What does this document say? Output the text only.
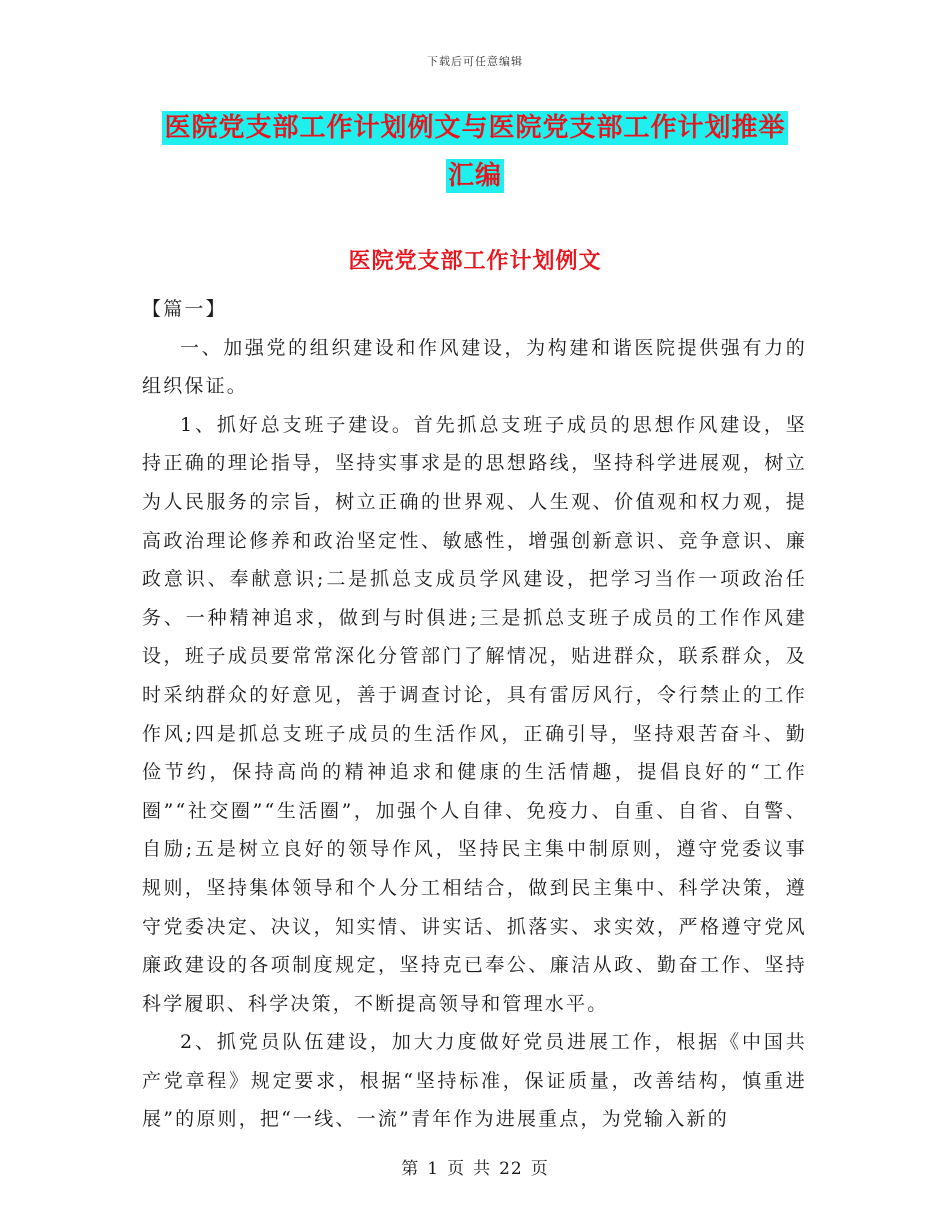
下载后可任意编辑
医院党支部工作计划例文与医院党支部工作计划推举
汇编
医院党支部工作计划例文

【篇一】

一、加强党的组织建设和作风建设，为构建和谐医院提供强有力的组织保证。

1、抓好总支班子建设。首先抓总支班子成员的思想作风建设，坚持正确的理论指导，坚持实事求是的思想路线，坚持科学进展观，树立为人民服务的宗旨，树立正确的世界观、人生观、价值观和权力观，提高政治理论修养和政治坚定性、敏感性，增强创新意识、竞争意识、廉政意识、奉献意识;二是抓总支成员学风建设，把学习当作一项政治任务、一种精神追求，做到与时俱进;三是抓总支班子成员的工作作风建设，班子成员要常常深化分管部门了解情况，贴进群众，联系群众，及时采纳群众的好意见，善于调查讨论，具有雷厉风行，令行禁止的工作作风;四是抓总支班子成员的生活作风，正确引导，坚持艰苦奋斗、勤俭节约，保持高尚的精神追求和健康的生活情趣，提倡良好的“工作圈”“社交圈”“生活圈”，加强个人自律、免疫力、自重、自省、自警、自励;五是树立良好的领导作风，坚持民主集中制原则，遵守党委议事规则，坚持集体领导和个人分工相结合，做到民主集中、科学决策，遵守党委决定、决议，知实情、讲实话、抓落实、求实效，严格遵守党风廉政建设的各项制度规定，坚持克已奉公、廉洁从政、勤奋工作、坚持科学履职、科学决策，不断提高领导和管理水平。

2、抓党员队伍建设，加大力度做好党员进展工作，根据《中国共产党章程》规定要求，根据“坚持标准，保证质量，改善结构，慎重进展”的原则，把“一线、一流”青年作为进展重点，为党输入新的

第 1 页 共 22 页
